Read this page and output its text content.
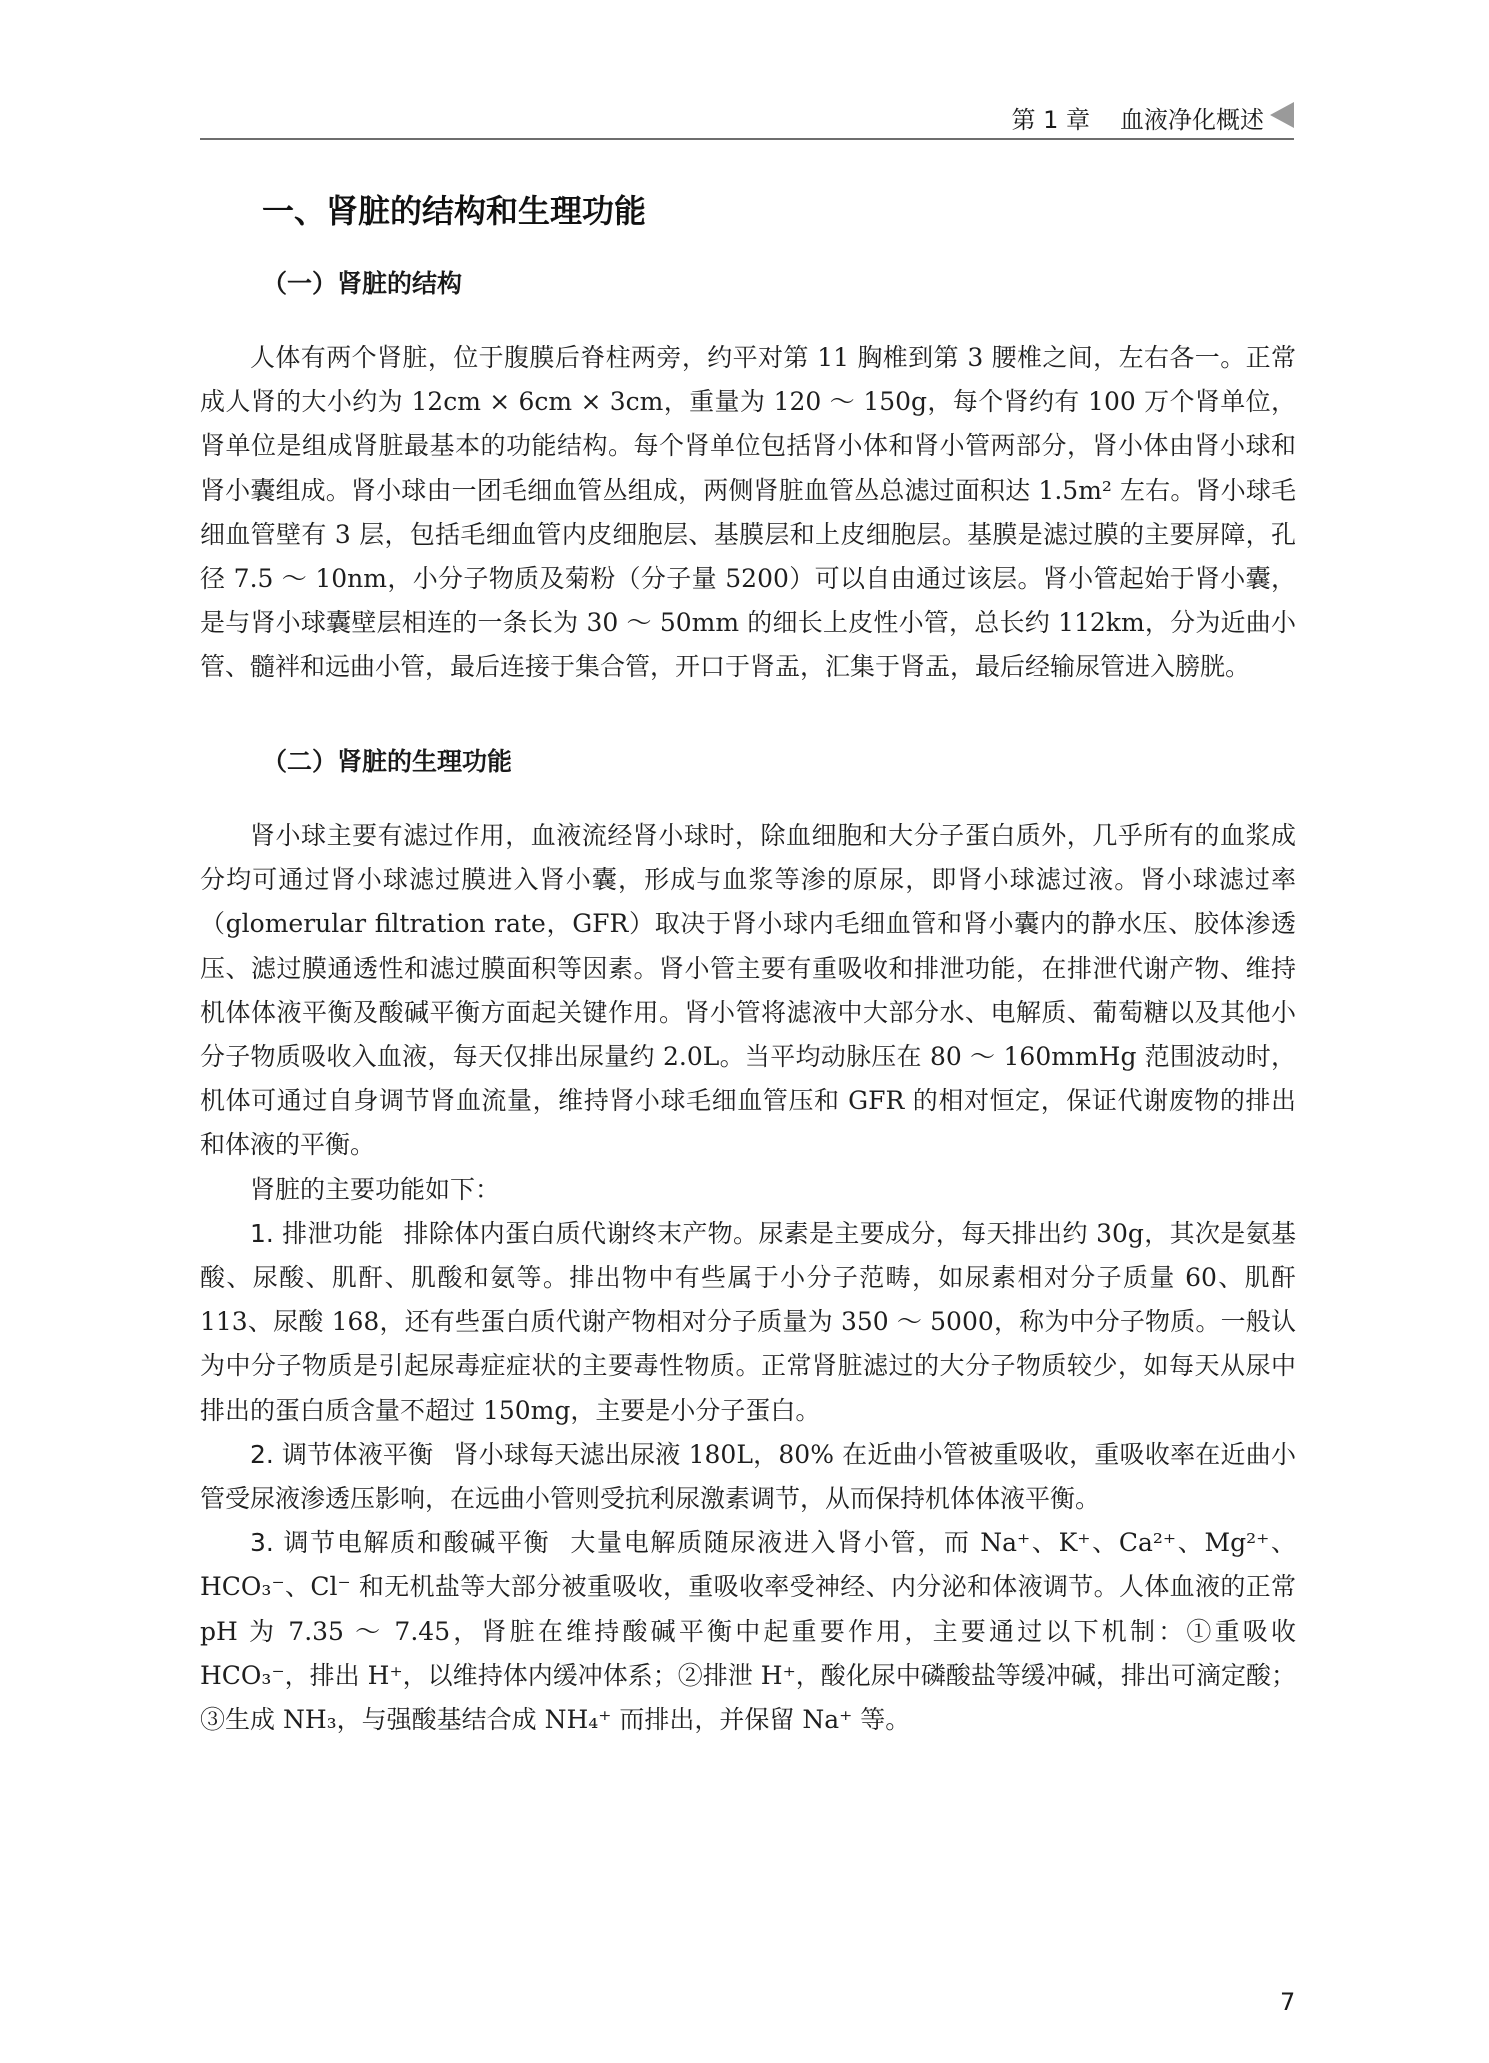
第 1 章 血液净化概述
一、肾脏的结构和生理功能
（一）肾脏的结构

人体有两个肾脏，位于腹膜后脊柱两旁，约平对第 11 胸椎到第 3 腰椎之间，左右各一。正常成人肾的大小约为 12cm × 6cm × 3cm，重量为 120 ～ 150g，每个肾约有 100 万个肾单位，肾单位是组成肾脏最基本的功能结构。每个肾单位包括肾小体和肾小管两部分，肾小体由肾小球和肾小囊组成。肾小球由一团毛细血管丛组成，两侧肾脏血管丛总滤过面积达 1.5m² 左右。肾小球毛细血管壁有 3 层，包括毛细血管内皮细胞层、基膜层和上皮细胞层。基膜是滤过膜的主要屏障，孔径 7.5 ～ 10nm，小分子物质及菊粉（分子量 5200）可以自由通过该层。肾小管起始于肾小囊，是与肾小球囊壁层相连的一条长为 30 ～ 50mm 的细长上皮性小管，总长约 112km，分为近曲小管、髓袢和远曲小管，最后连接于集合管，开口于肾盂，汇集于肾盂，最后经输尿管进入膀胱。

（二）肾脏的生理功能

肾小球主要有滤过作用，血液流经肾小球时，除血细胞和大分子蛋白质外，几乎所有的血浆成分均可通过肾小球滤过膜进入肾小囊，形成与血浆等渗的原尿，即肾小球滤过液。肾小球滤过率（glomerular filtration rate，GFR）取决于肾小球内毛细血管和肾小囊内的静水压、胶体渗透压、滤过膜通透性和滤过膜面积等因素。肾小管主要有重吸收和排泄功能，在排泄代谢产物、维持机体体液平衡及酸碱平衡方面起关键作用。肾小管将滤液中大部分水、电解质、葡萄糖以及其他小分子物质吸收入血液，每天仅排出尿量约 2.0L。当平均动脉压在 80 ～ 160mmHg 范围波动时，机体可通过自身调节肾血流量，维持肾小球毛细血管压和 GFR 的相对恒定，保证代谢废物的排出和体液的平衡。

肾脏的主要功能如下：

1. 排泄功能 排除体内蛋白质代谢终末产物。尿素是主要成分，每天排出约 30g，其次是氨基酸、尿酸、肌酐、肌酸和氨等。排出物中有些属于小分子范畴，如尿素相对分子质量 60、肌酐 113、尿酸 168，还有些蛋白质代谢产物相对分子质量为 350 ～ 5000，称为中分子物质。一般认为中分子物质是引起尿毒症症状的主要毒性物质。正常肾脏滤过的大分子物质较少，如每天从尿中排出的蛋白质含量不超过 150mg，主要是小分子蛋白。

2. 调节体液平衡 肾小球每天滤出尿液 180L，80% 在近曲小管被重吸收，重吸收率在近曲小管受尿液渗透压影响，在远曲小管则受抗利尿激素调节，从而保持机体体液平衡。

3. 调节电解质和酸碱平衡 大量电解质随尿液进入肾小管，而 Na⁺、K⁺、Ca²⁺、Mg²⁺、HCO₃⁻、Cl⁻ 和无机盐等大部分被重吸收，重吸收率受神经、内分泌和体液调节。人体血液的正常 pH 为 7.35 ～ 7.45，肾脏在维持酸碱平衡中起重要作用，主要通过以下机制：①重吸收 HCO₃⁻，排出 H⁺，以维持体内缓冲体系；②排泄 H⁺，酸化尿中磷酸盐等缓冲碱，排出可滴定酸；③生成 NH₃，与强酸基结合成 NH₄⁺ 而排出，并保留 Na⁺ 等。

7
